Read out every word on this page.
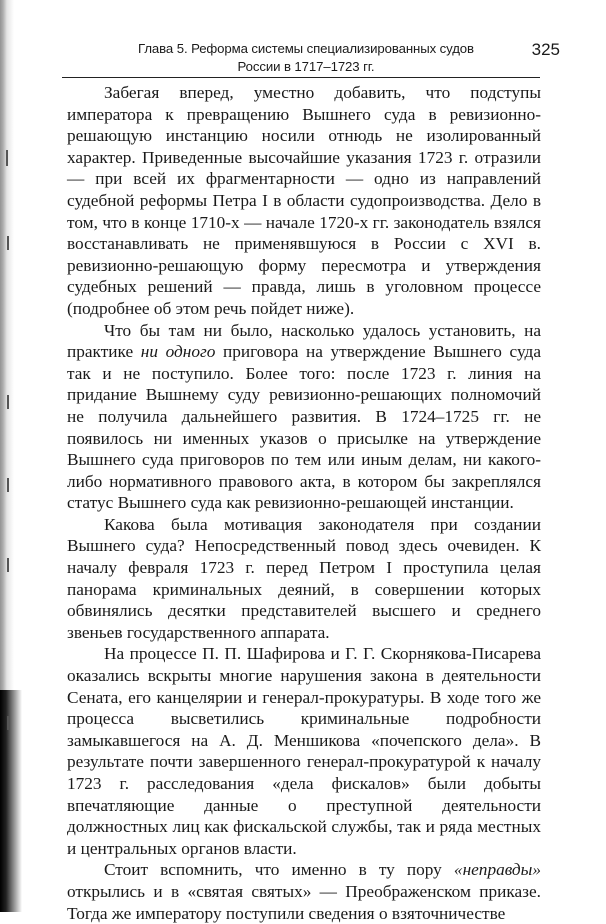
Глава 5. Реформа системы специализированных судов
России в 1717–1723 гг.
325

Забегая вперед, уместно добавить, что подступы императора к превращению Вышнего суда в ревизионно-решающую инстанцию носили отнюдь не изолированный характер. Приведенные высочайшие указания 1723 г. отразили — при всей их фрагментарности — одно из направлений судебной реформы Петра I в области судопроизводства. Дело в том, что в конце 1710-х — начале 1720-х гг. законодатель взялся восстанавливать не применявшуюся в России с XVI в. ревизионно-решающую форму пересмотра и утверждения судебных решений — правда, лишь в уголовном процессе (подробнее об этом речь пойдет ниже).

Что бы там ни было, насколько удалось установить, на практике ни одного приговора на утверждение Вышнего суда так и не поступило. Более того: после 1723 г. линия на придание Вышнему суду ревизионно-решающих полномочий не получила дальнейшего развития. В 1724–1725 гг. не появилось ни именных указов о присылке на утверждение Вышнего суда приговоров по тем или иным делам, ни какого-либо нормативного правового акта, в котором бы закреплялся статус Вышнего суда как ревизионно-решающей инстанции.

Какова была мотивация законодателя при создании Вышнего суда? Непосредственный повод здесь очевиден. К началу февраля 1723 г. перед Петром I проступила целая панорама криминальных деяний, в совершении которых обвинялись десятки представителей высшего и среднего звеньев государственного аппарата.

На процессе П. П. Шафирова и Г. Г. Скорнякова-Писарева оказались вскрыты многие нарушения закона в деятельности Сената, его канцелярии и генерал-прокуратуры. В ходе того же процесса высветились криминальные подробности замыкавшегося на А. Д. Меншикова «почепского дела». В результате почти завершенного генерал-прокуратурой к началу 1723 г. расследования «дела фискалов» были добыты впечатляющие данные о преступной деятельности должностных лиц как фискальской службы, так и ряда местных и центральных органов власти.

Стоит вспомнить, что именно в ту пору «неправды» открылись и в «святая святых» — Преображенском приказе. Тогда же императору поступили сведения о взяточничестве
